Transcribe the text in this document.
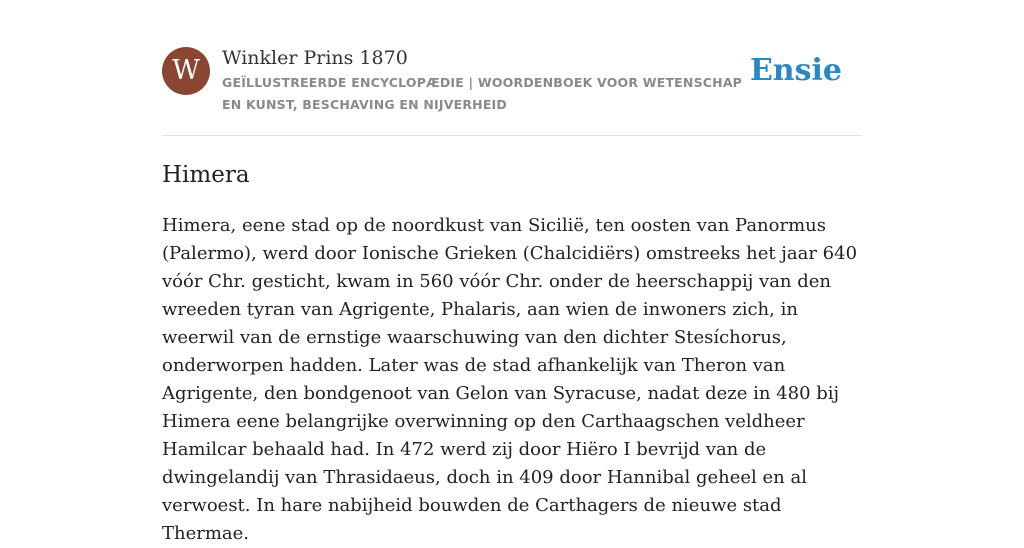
W	Winkler Prins 1870
GEÏLLUSTREERDE ENCYCLOPÆDIE | WOORDENBOEK VOOR WETENSCHAP EN KUNST, BESCHAVING EN NIJVERHEID
Ensie
Himera

Himera, eene stad op de noordkust van Sicilië, ten oosten van Panormus (Palermo), werd door Ionische Grieken (Chalcidiërs) omstreeks het jaar 640 vóór Chr. gesticht, kwam in 560 vóór Chr. onder de heerschappij van den wreeden tyran van Agrigente, Phalaris, aan wien de inwoners zich, in weerwil van de ernstige waarschuwing van den dichter Stesíchorus, onderworpen hadden. Later was de stad afhankelijk van Theron van Agrigente, den bondgenoot van Gelon van Syracuse, nadat deze in 480 bij Himera eene belangrijke overwinning op den Carthaagschen veldheer Hamilcar behaald had. In 472 werd zij door Hiëro I bevrijd van de dwingelandij van Thrasidaeus, doch in 409 door Hannibal geheel en al verwoest. In hare nabijheid bouwden de Carthagers de nieuwe stad Thermae.
